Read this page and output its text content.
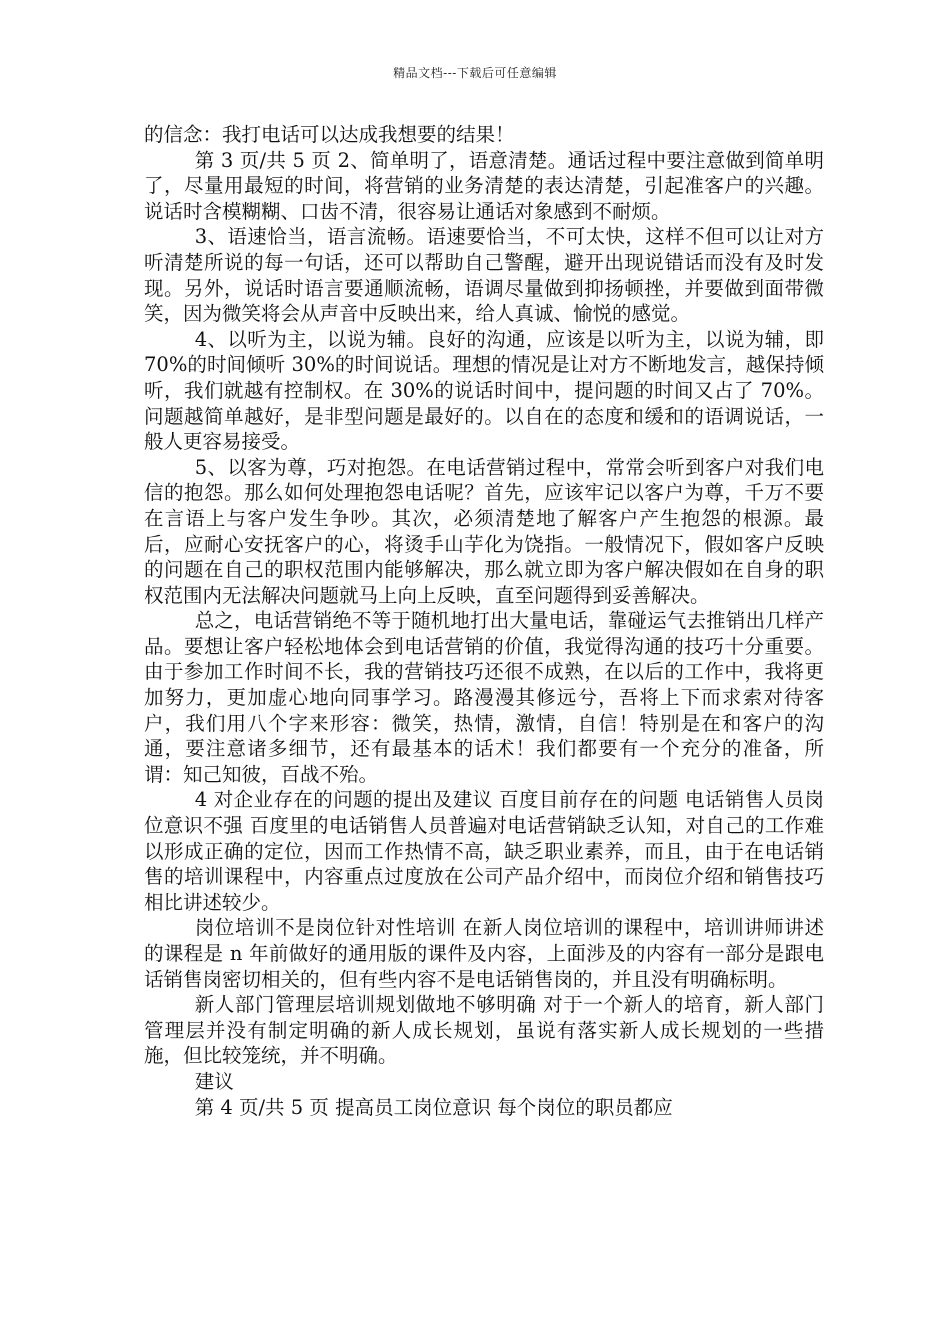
精品文档---下载后可任意编辑

的信念：我打电话可以达成我想要的结果！

第 3 页/共 5 页 2、简单明了，语意清楚。通话过程中要注意做到简单明了，尽量用最短的时间，将营销的业务清楚的表达清楚，引起准客户的兴趣。说话时含模糊糊、口齿不清，很容易让通话对象感到不耐烦。

3、语速恰当，语言流畅。语速要恰当，不可太快，这样不但可以让对方听清楚所说的每一句话，还可以帮助自己警醒，避开出现说错话而没有及时发现。另外，说话时语言要通顺流畅，语调尽量做到抑扬顿挫，并要做到面带微笑，因为微笑将会从声音中反映出来，给人真诚、愉悦的感觉。

4、以听为主，以说为辅。良好的沟通，应该是以听为主，以说为辅，即 70%的时间倾听 30%的时间说话。理想的情况是让对方不断地发言，越保持倾听，我们就越有控制权。在 30%的说话时间中，提问题的时间又占了 70%。问题越简单越好，是非型问题是最好的。以自在的态度和缓和的语调说话，一般人更容易接受。

5、以客为尊，巧对抱怨。在电话营销过程中，常常会听到客户对我们电信的抱怨。那么如何处理抱怨电话呢？首先，应该牢记以客户为尊，千万不要在言语上与客户发生争吵。其次，必须清楚地了解客户产生抱怨的根源。最后，应耐心安抚客户的心，将烫手山芋化为饶指。一般情况下，假如客户反映的问题在自己的职权范围内能够解决，那么就立即为客户解决假如在自身的职权范围内无法解决问题就马上向上反映，直至问题得到妥善解决。

总之，电话营销绝不等于随机地打出大量电话，靠碰运气去推销出几样产品。要想让客户轻松地体会到电话营销的价值，我觉得沟通的技巧十分重要。由于参加工作时间不长，我的营销技巧还很不成熟，在以后的工作中，我将更加努力，更加虚心地向同事学习。路漫漫其修远兮，吾将上下而求索对待客户，我们用八个字来形容：微笑，热情，激情，自信！特别是在和客户的沟通，要注意诸多细节，还有最基本的话术！我们都要有一个充分的准备，所谓：知己知彼，百战不殆。

4 对企业存在的问题的提出及建议 百度目前存在的问题 电话销售人员岗位意识不强 百度里的电话销售人员普遍对电话营销缺乏认知，对自己的工作难以形成正确的定位，因而工作热情不高，缺乏职业素养，而且，由于在电话销售的培训课程中，内容重点过度放在公司产品介绍中，而岗位介绍和销售技巧相比讲述较少。

岗位培训不是岗位针对性培训 在新人岗位培训的课程中，培训讲师讲述的课程是 n 年前做好的通用版的课件及内容，上面涉及的内容有一部分是跟电话销售岗密切相关的，但有些内容不是电话销售岗的，并且没有明确标明。

新人部门管理层培训规划做地不够明确 对于一个新人的培育，新人部门管理层并没有制定明确的新人成长规划，虽说有落实新人成长规划的一些措施，但比较笼统，并不明确。

建议

第 4 页/共 5 页 提高员工岗位意识 每个岗位的职员都应
